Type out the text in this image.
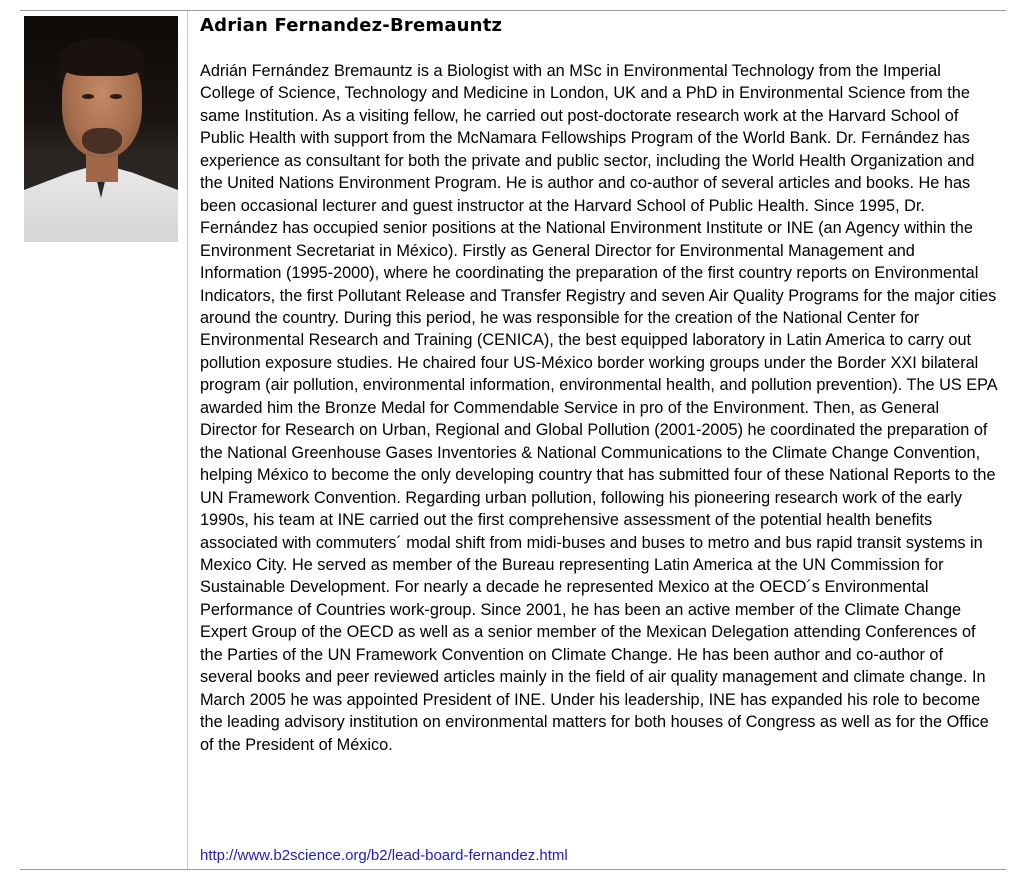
Adrian Fernandez-Bremauntz

Adrián Fernández Bremauntz is a Biologist with an MSc in Environmental Technology from the Imperial College of Science, Technology and Medicine in London, UK and a PhD in Environmental Science from the same Institution. As a visiting fellow, he carried out post-doctorate research work at the Harvard School of Public Health with support from the McNamara Fellowships Program of the World Bank. Dr. Fernández has experience as consultant for both the private and public sector, including the World Health Organization and the United Nations Environment Program. He is author and co-author of several articles and books. He has been occasional lecturer and guest instructor at the Harvard School of Public Health. Since 1995, Dr. Fernández has occupied senior positions at the National Environment Institute or INE (an Agency within the Environment Secretariat in México). Firstly as General Director for Environmental Management and Information (1995-2000), where he coordinating the preparation of the first country reports on Environmental Indicators, the first Pollutant Release and Transfer Registry and seven Air Quality Programs for the major cities around the country. During this period, he was responsible for the creation of the National Center for Environmental Research and Training (CENICA), the best equipped laboratory in Latin America to carry out pollution exposure studies. He chaired four US-México border working groups under the Border XXI bilateral program (air pollution, environmental information, environmental health, and pollution prevention). The US EPA awarded him the Bronze Medal for Commendable Service in pro of the Environment. Then, as General Director for Research on Urban, Regional and Global Pollution (2001-2005) he coordinated the preparation of the National Greenhouse Gases Inventories & National Communications to the Climate Change Convention, helping México to become the only developing country that has submitted four of these National Reports to the UN Framework Convention. Regarding urban pollution, following his pioneering research work of the early 1990s, his team at INE carried out the first comprehensive assessment of the potential health benefits associated with commuters´ modal shift from midi-buses and buses to metro and bus rapid transit systems in Mexico City. He served as member of the Bureau representing Latin America at the UN Commission for Sustainable Development. For nearly a decade he represented Mexico at the OECD´s Environmental Performance of Countries work-group. Since 2001, he has been an active member of the Climate Change Expert Group of the OECD as well as a senior member of the Mexican Delegation attending Conferences of the Parties of the UN Framework Convention on Climate Change. He has been author and co-author of several books and peer reviewed articles mainly in the field of air quality management and climate change. In March 2005 he was appointed President of INE. Under his leadership, INE has expanded his role to become the leading advisory institution on environmental matters for both houses of Congress as well as for the Office of the President of México.

http://www.b2science.org/b2/lead-board-fernandez.html
